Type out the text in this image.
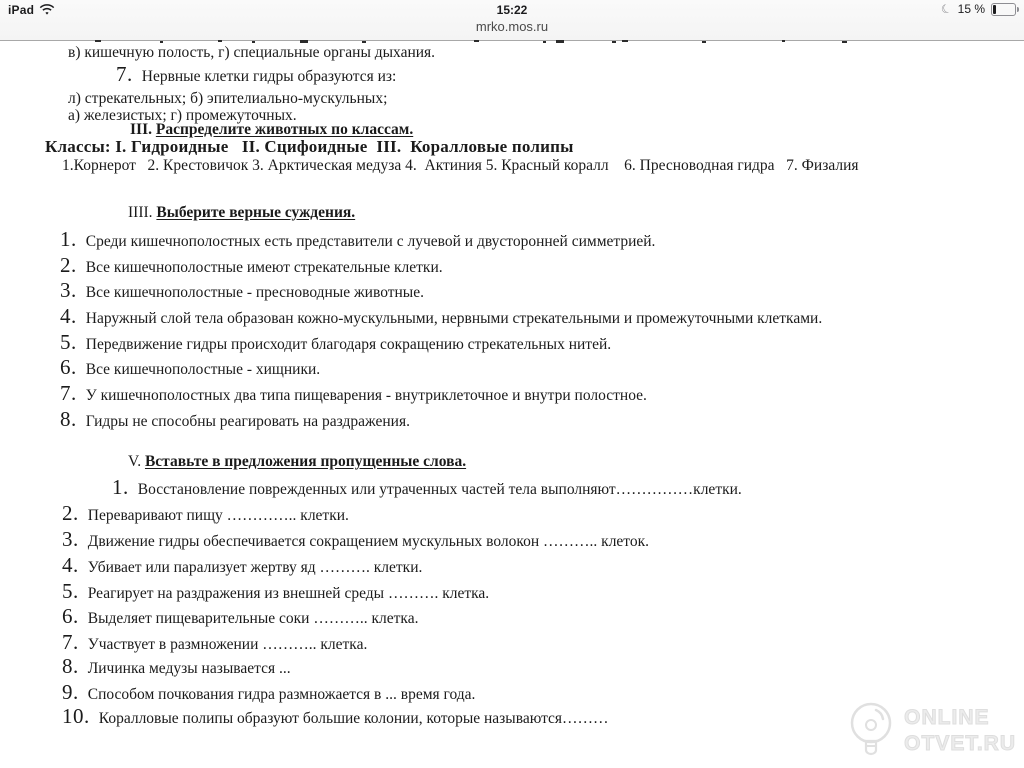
iPad	15:22	☾ 15 %
mrko.mos.ru
в) кишечную полость, г) специальные органы дыхания.
7. Нервные клетки гидры образуются из:
л) стрекательных; б) эпителиально-мускульных;
а) железистых; г) промежуточных.
III. Распределите животных по классам.
Классы: I. Гидроидные   II. Сцифоидные  III.  Коралловые полипы
1.Корнерот   2. Крестовичок 3. Арктическая медуза 4.  Актиния 5. Красный коралл    6. Пресноводная гидра   7. Физалия
IIII. Выберите верные суждения.
1. Среди кишечнополостных есть представители с лучевой и двусторонней симметрией.
2. Все кишечнополостные имеют стрекательные клетки.
3. Все кишечнополостные - пресноводные животные.
4. Наружный слой тела образован кожно-мускульными, нервными стрекательными и промежуточными клетками.
5. Передвижение гидры происходит благодаря сокращению стрекательных нитей.
6. Все кишечнополостные - хищники.
7. У кишечнополостных два типа пищеварения - внутриклеточное и внутри полостное.
8. Гидры не способны реагировать на раздражения.
V. Вставьте в предложения пропущенные слова.
1. Восстановление поврежденных или утраченных частей тела выполняют……………клетки.
2. Переваривают пищу ………….. клетки.
3. Движение гидры обеспечивается сокращением мускульных волокон ……….. клеток.
4. Убивает или парализует жертву яд ………. клетки.
5. Реагирует на раздражения из внешней среды ………. клетка.
6. Выделяет пищеварительные соки ……….. клетка.
7. Участвует в размножении ……….. клетка.
8. Личинка медузы называется ...
9. Способом почкования гидра размножается в ... время года.
10. Коралловые полипы образуют большие колонии, которые называются………	ONLINE
OTVET.RU
